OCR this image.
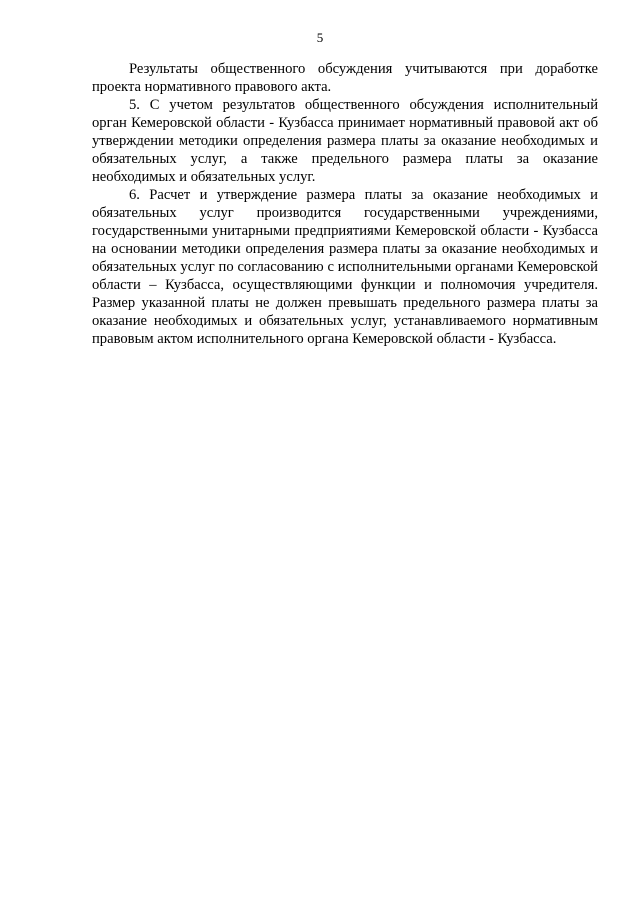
5

Результаты общественного обсуждения учитываются при доработке проекта нормативного правового акта.

5. С учетом результатов общественного обсуждения исполнительный орган Кемеровской области - Кузбасса принимает нормативный правовой акт об утверждении методики определения размера платы за оказание необходимых и обязательных услуг, а также предельного размера платы за оказание необходимых и обязательных услуг.

6. Расчет и утверждение размера платы за оказание необходимых и обязательных услуг производится государственными учреждениями, государственными унитарными предприятиями Кемеровской области - Кузбасса на основании методики определения размера платы за оказание необходимых и обязательных услуг по согласованию с исполнительными органами Кемеровской области – Кузбасса, осуществляющими функции и полномочия учредителя. Размер указанной платы не должен превышать предельного размера платы за оказание необходимых и обязательных услуг, устанавливаемого нормативным правовым актом исполнительного органа Кемеровской области - Кузбасса.
